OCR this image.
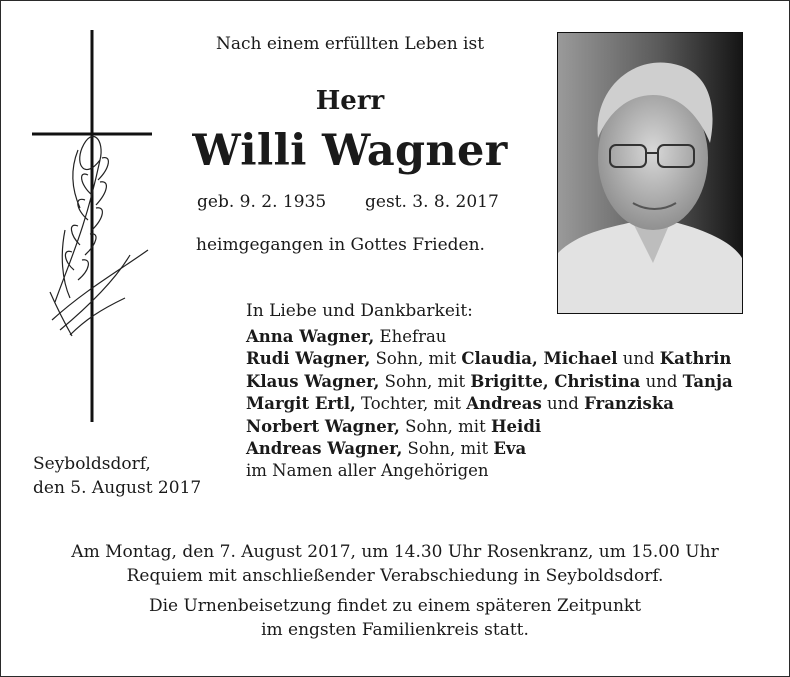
Nach einem erfüllten Leben ist
Herr
Willi Wagner
geb. 9. 2. 1935 gest. 3. 8. 2017
heimgegangen in Gottes Frieden.
In Liebe und Dankbarkeit:
Anna Wagner, Ehefrau
Rudi Wagner, Sohn, mit Claudia, Michael und Kathrin
Klaus Wagner, Sohn, mit Brigitte, Christina und Tanja
Margit Ertl, Tochter, mit Andreas und Franziska
Norbert Wagner, Sohn, mit Heidi
Andreas Wagner, Sohn, mit Eva
im Namen aller Angehörigen
Seyboldsdorf,
den 5. August 2017
Am Montag, den 7. August 2017, um 14.30 Uhr Rosenkranz, um 15.00 Uhr
Requiem mit anschließender Verabschiedung in Seyboldsdorf.
Die Urnenbeisetzung findet zu einem späteren Zeitpunkt
im engsten Familienkreis statt.
